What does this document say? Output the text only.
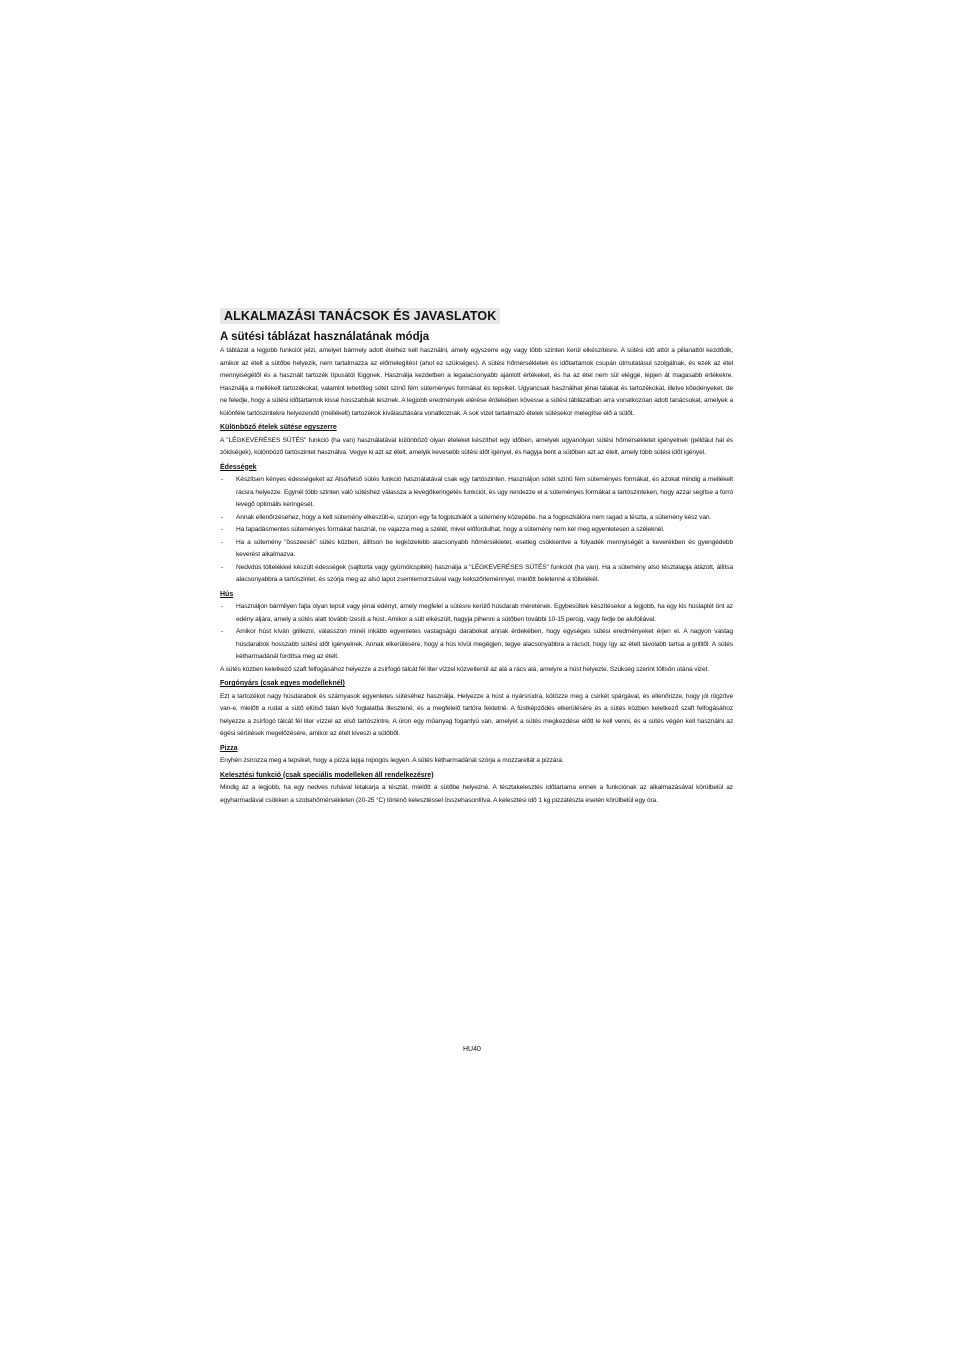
ALKALMAZÁSI TANÁCSOK ÉS JAVASLATOK
A sütési táblázat használatának módja

A táblázat a legjobb funkciót jelzi, amelyet bármely adott ételhez kell használni, amely egyszerre egy vagy több szinten kerül elkészítésre. A sütési idő attól a pillanattól kezdődik, amikor az ételt a sütőbe helyezik, nem tartalmazza az előmelegítést (ahol ez szükséges). A sütési hőmérsékletek és időtartamok csupán útmutatásul szolgálnak, és ezek az étel mennyiségétől és a használt tartozék típusától függnek. Használja kezdetben a legalacsonyabb ajánlott értékeket, és ha az étel nem sül eléggé, lépjen át magasabb értékekre. Használja a mellékelt tartozékokat, valamint lehetőleg sötét színű fém süteményes formákat és tepsiket. Ugyancsak használhat jénai tálakat és tartozékokat, illetve kőedényeket, de ne feledje, hogy a sütési időtartamok kissé hosszabbak lesznek. A legjobb eredmények elérése érdekében kövesse a sütési táblázatban arra vonatkozóan adott tanácsokat, amelyek a különféle tartószintekre helyezendő (mellékelt) tartozékok kiválasztására vonatkoznak. A sok vizet tartalmazó ételek sütésekor melegítse elő a sütőt.

Különböző ételek sütése egyszerre

A "LÉGKEVERÉSES SÜTÉS" funkció (ha van) használatával különböző olyan ételeket készíthet egy időben, amelyek ugyanolyan sütési hőmérsékletet igényelnek (például hal és zöldségek), különböző tartószintet használva. Vegye ki azt az ételt, amelyik kevesebb sütési időt igényel, és hagyja bent a sütőben azt az ételt, amely több sütési időt igényel.

Édességek
- Készítsen kényes édességeket az Alsó/felső sütés funkció használatával csak egy tartószinten. Használjon sötét színű fém süteményes formákat, és azokat mindig a mellékelt rácsra helyezze. Egynél több szinten való sütéshez válassza a levegőkeringetés funkciót, és úgy rendezze el a süteményes formákat a tartószinteken, hogy azzal segítse a forró levegő optimális keringését.
- Annak ellenőrzéséhez, hogy a kelt sütemény elkészült-e, szúrjon egy fa fogpiszkálót a sütemény közepébe. ha a fogpiszkálóra nem ragad a tészta, a sütemény kész van.
- Ha tapadásmentes süteményes formákat használ, ne vajazza meg a szélét, mivel előfordulhat, hogy a sütemény nem kel meg egyenletesen a széleknél.
- Ha a sütemény "összeesik" sütés közben, állítson be legközelebb alacsonyabb hőmérsékletet, esetleg csökkentve a folyadék mennyiségét a keverékben és gyengédebb keverést alkalmazva.
- Nedvdús töltelékkel készült édességek (sajttorta vagy gyümölcspiték) használja a "LÉGKEVERÉSES SÜTÉS" funkciót (ha van). Ha a sütemény alsó tésztalapja átázott, állítsa alacsonyabbra a tartószintet, és szórja meg az alsó lapot zsemlemorzsával vagy kekszőrleménnyel, mielőtt beletenné a töltelékét.
Hús
- Használjon bármilyen fajta olyan tepsit vagy jénai edényt, amely megfelel a sütésre kerülő húsdarab méretének. Egybesültek készítésekor a legjobb, ha egy kis húslaplét önt az edény aljára, amely a sütés alatt tovább ízesíti a húst. Amikor a sült elkészült, hagyja pihenni a sütőben további 10-15 percig, vagy fedje be alufóliával.
- Amikor húst kíván grillezni, válasszon minél inkább egyenletes vastagságú darabokat annak érdekében, hogy egységes sütési eredményeket érjen el. A nagyon vastag húsdarabok hosszabb sütési időt igényelnek. Annak elkerülésére, hogy a hús kívül megégjen, tegye alacsonyabbra a rácsot, hogy így az ételt távolabb tartsa a grilltől. A sütés kétharmadánál fordítsa meg az ételt.

A sütés közben keletkező szaft felfogásához helyezze a zsírfogó tálcát fél liter vízzel közvetlenül az alá a rács alá, amelyre a húst helyezte. Szükség szerint töltsön utána vizet.

Forgónyárs (csak egyes modelleknél)

Ezt a tartozékot nagy húsdarabok és szárnyasok egyenletes sütéséhez használja. Helyezze a húst a nyársrúdra, kötözze meg a csirkét spárgával, és ellenőrizze, hogy jól rögzítve van-e, mielőtt a rudat a sütő elülső falán lévő foglalatba illesztené, és a megfelelő tartóra fektetné. A füstképződés elkerülésére és a sütés közben keletkező szaft felfogásához helyezze a zsírfogó tálcát fél liter vízzel az első tartószintre. A úron egy műanyag fogantyú van, amelyet a sütés megkezdése előtt le kell venni, és a sütés végén kell használni az égési sérülések megelőzésére, amikor az ételt kiveszi a sütőből.

Pizza

Enyhén zsírozza meg a tepsiket, hogy a pizza lapja ropogós legyen. A sütés kétharmadánál szórja a mozzarellát a pizzára.

Kelesztési funkció (csak speciális modelleken áll rendelkezésre)

Mindig az a legjobb, ha egy nedves ruhával letakarja a tésztát, mielőtt a sütőbe helyezné. A tésztakelesztés időtartama ennek a funkciónak az alkalmazásával körülbelül az egyharmadával csökken a szobahőmérsékleten (20-25 °C) történő kelesztéssel összehasonlítva. A kelesztési idő 1 kg pizzatészta esetén körülbelül egy óra.

HU40
